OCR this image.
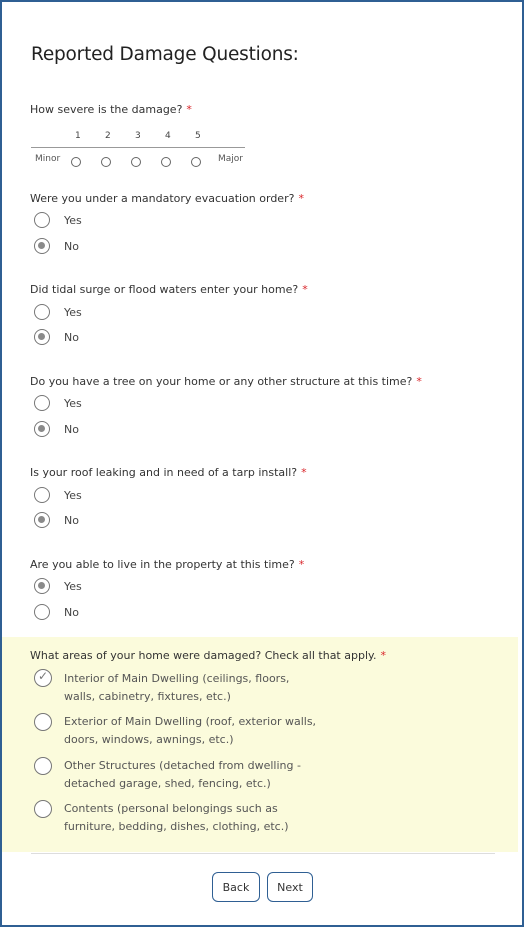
Reported Damage Questions:
How severe is the damage? *
1	2	3	4	5
Minor	Major
Were you under a mandatory evacuation order? *
Yes
No
Did tidal surge or flood waters enter your home? *
Yes
No
Do you have a tree on your home or any other structure at this time? *
Yes
No
Is your roof leaking and in need of a tarp install? *
Yes
No
Are you able to live in the property at this time? *
Yes
No
What areas of your home were damaged? Check all that apply. *
✓ Interior of Main Dwelling (ceilings, floors,
walls, cabinetry, fixtures, etc.)
Exterior of Main Dwelling (roof, exterior walls,
doors, windows, awnings, etc.)
Other Structures (detached from dwelling -
detached garage, shed, fencing, etc.)
Contents (personal belongings such as
furniture, bedding, dishes, clothing, etc.)
Back	Next
